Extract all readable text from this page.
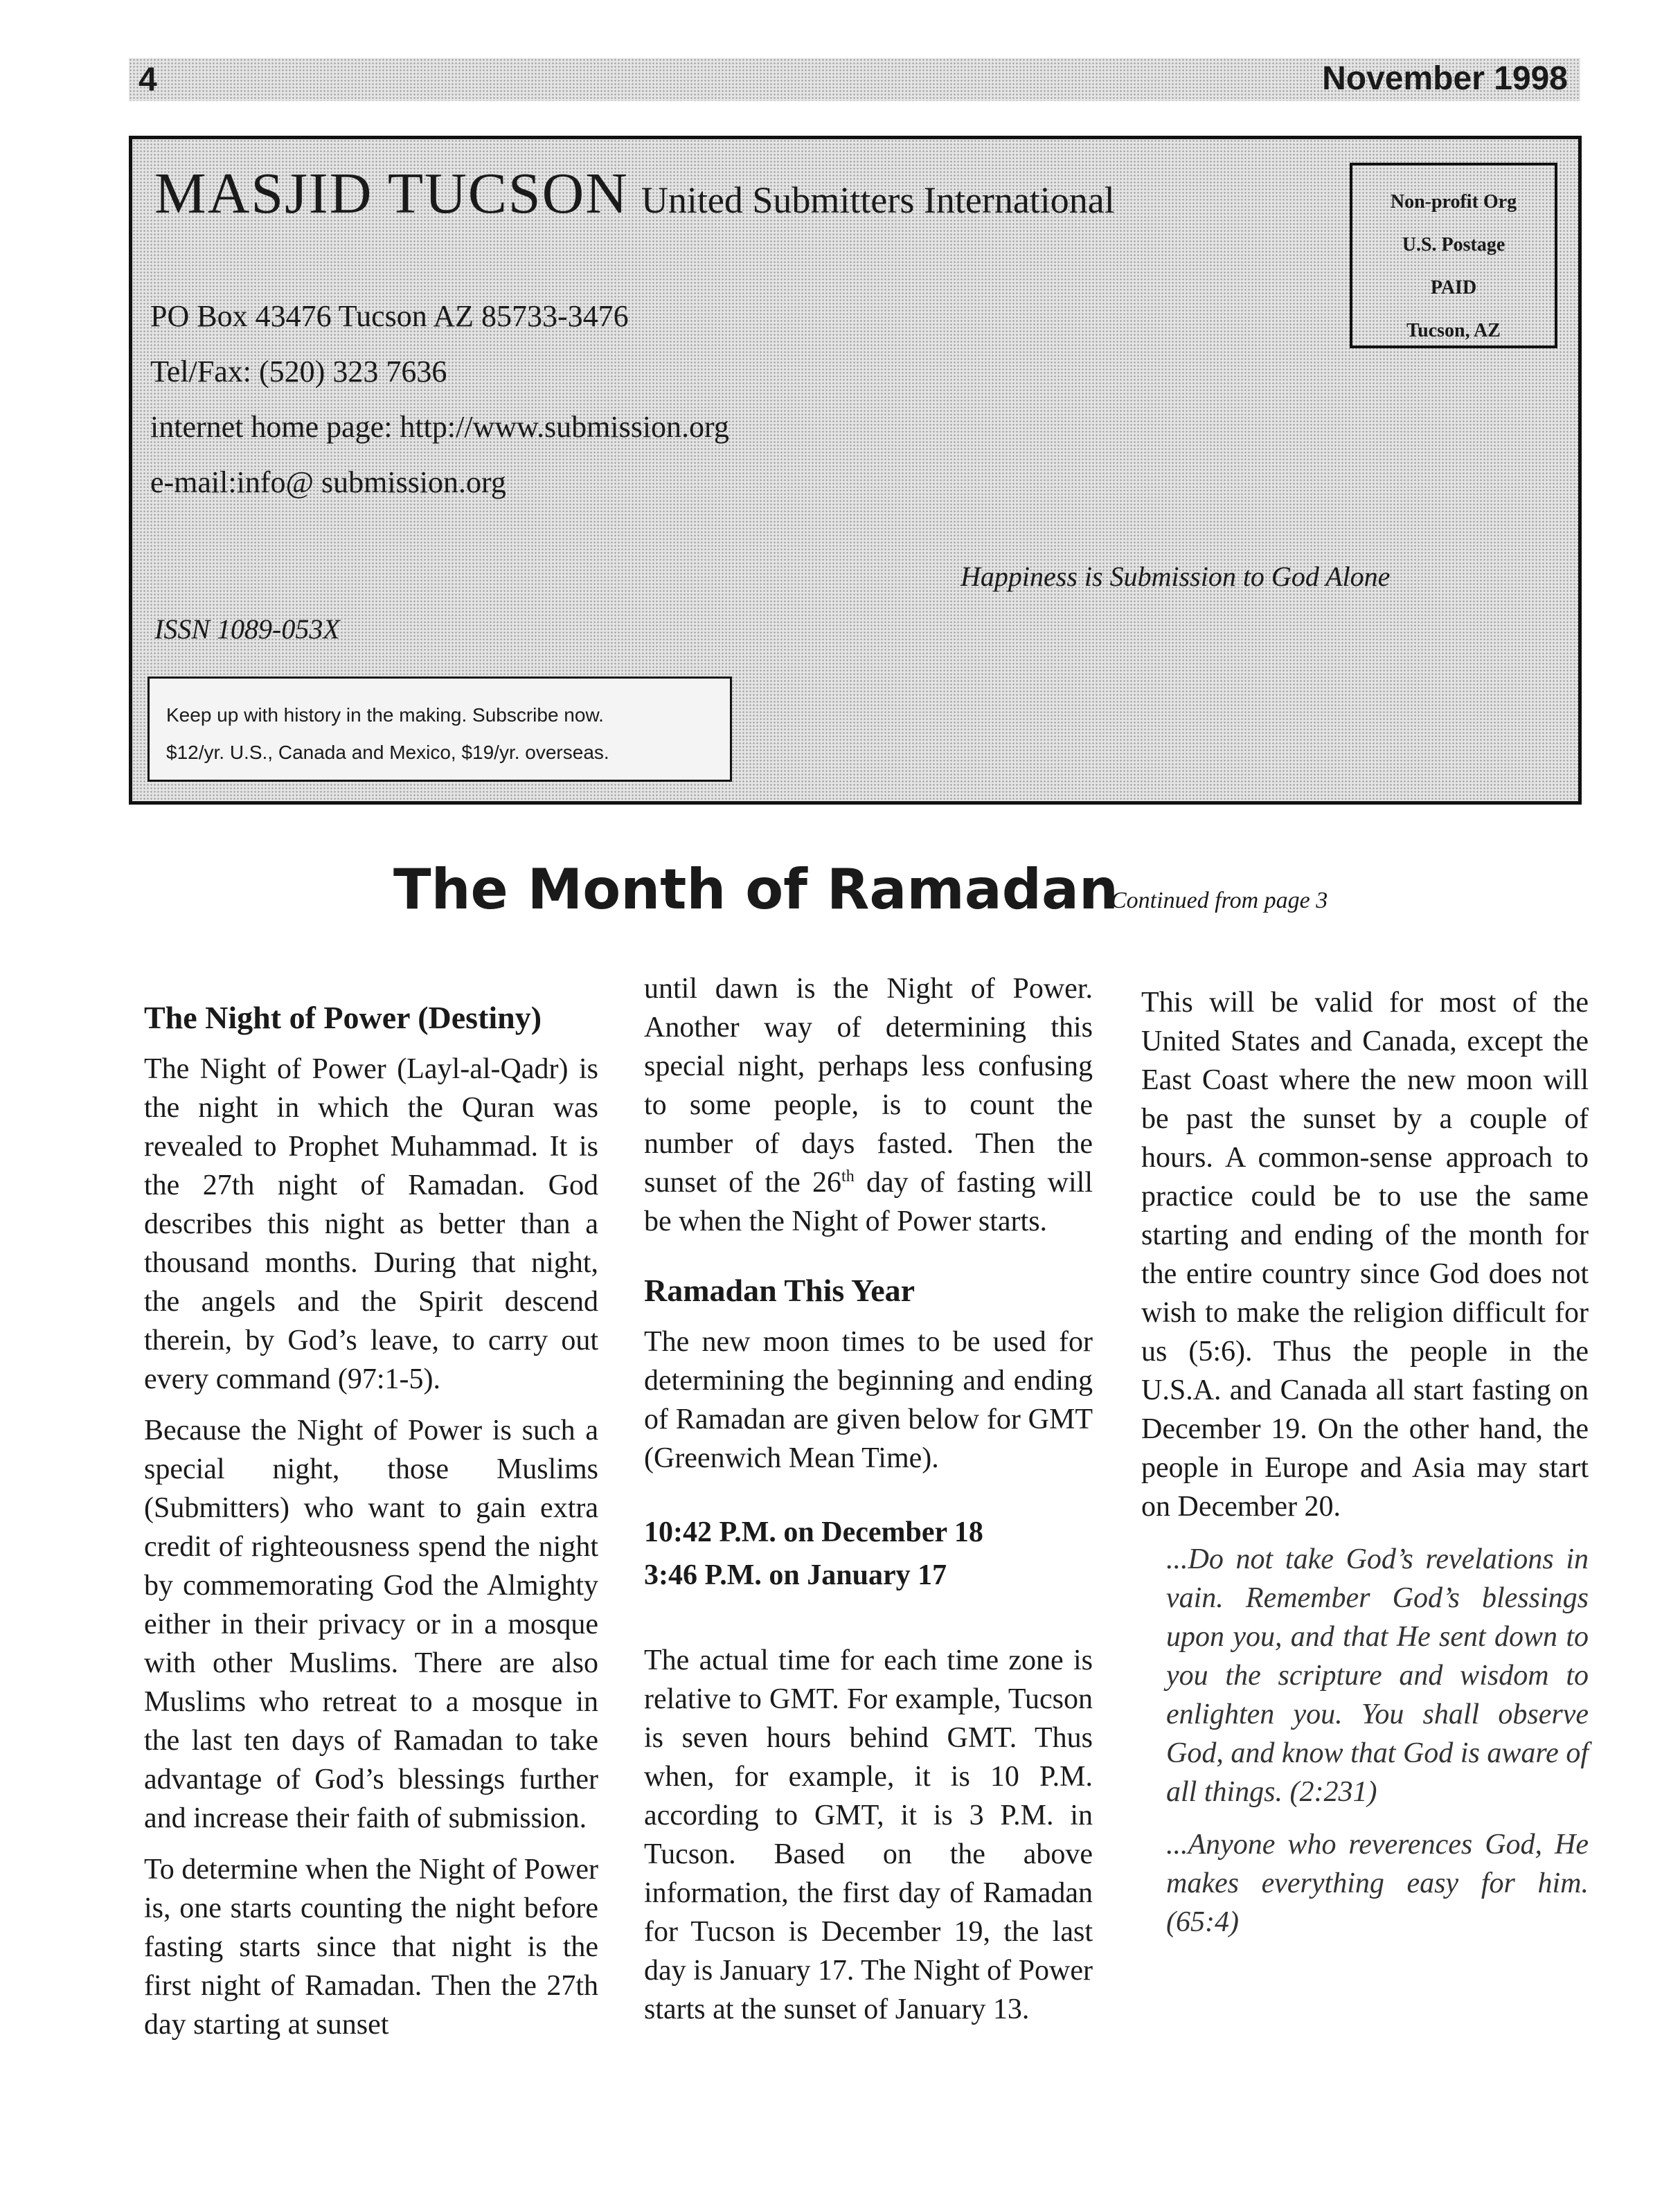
4	November 1998
MASJID TUCSON United Submitters International
PO Box 43476 Tucson AZ 85733-3476
Tel/Fax: (520) 323 7636
internet home page: http://www.submission.org
e-mail:info@ submission.org
Non-profit Org
U.S. Postage
PAID
Tucson, AZ
Happiness is Submission to God Alone
ISSN 1089-053X
Keep up with history in the making. Subscribe now.
$12/yr. U.S., Canada and Mexico, $19/yr. overseas.
The Month of Ramadan
Continued from page 3
The Night of Power (Destiny)

The Night of Power (Layl-al-Qadr) is the night in which the Quran was revealed to Prophet Muhammad. It is the 27th night of Ramadan. God describes this night as better than a thousand months. During that night, the angels and the Spirit descend therein, by God’s leave, to carry out every command (97:1-5).

Because the Night of Power is such a special night, those Muslims (Submitters) who want to gain extra credit of righteousness spend the night by commemorating God the Almighty either in their privacy or in a mosque with other Muslims. There are also Muslims who retreat to a mosque in the last ten days of Ramadan to take advantage of God’s blessings further and increase their faith of submission.

To determine when the Night of Power is, one starts counting the night before fasting starts since that night is the first night of Ramadan. Then the 27th day starting at sunset

until dawn is the Night of Power. Another way of determining this special night, perhaps less confusing to some people, is to count the number of days fasted. Then the sunset of the 26th day of fasting will be when the Night of Power starts.

Ramadan This Year

The new moon times to be used for determining the beginning and ending of Ramadan are given below for GMT (Greenwich Mean Time).

10:42 P.M. on December 18
3:46 P.M. on January 17

The actual time for each time zone is relative to GMT. For example, Tucson is seven hours behind GMT. Thus when, for example, it is 10 P.M. according to GMT, it is 3 P.M. in Tucson. Based on the above information, the first day of Ramadan for Tucson is December 19, the last day is January 17. The Night of Power starts at the sunset of January 13.

This will be valid for most of the United States and Canada, except the East Coast where the new moon will be past the sunset by a couple of hours. A common-sense approach to practice could be to use the same starting and ending of the month for the entire country since God does not wish to make the religion difficult for us (5:6). Thus the people in the U.S.A. and Canada all start fasting on December 19. On the other hand, the people in Europe and Asia may start on December 20.

...Do not take God’s revelations in vain. Remember God’s blessings upon you, and that He sent down to you the scripture and wisdom to enlighten you. You shall observe God, and know that God is aware of all things. (2:231)

...Anyone who reverences God, He makes everything easy for him. (65:4)
